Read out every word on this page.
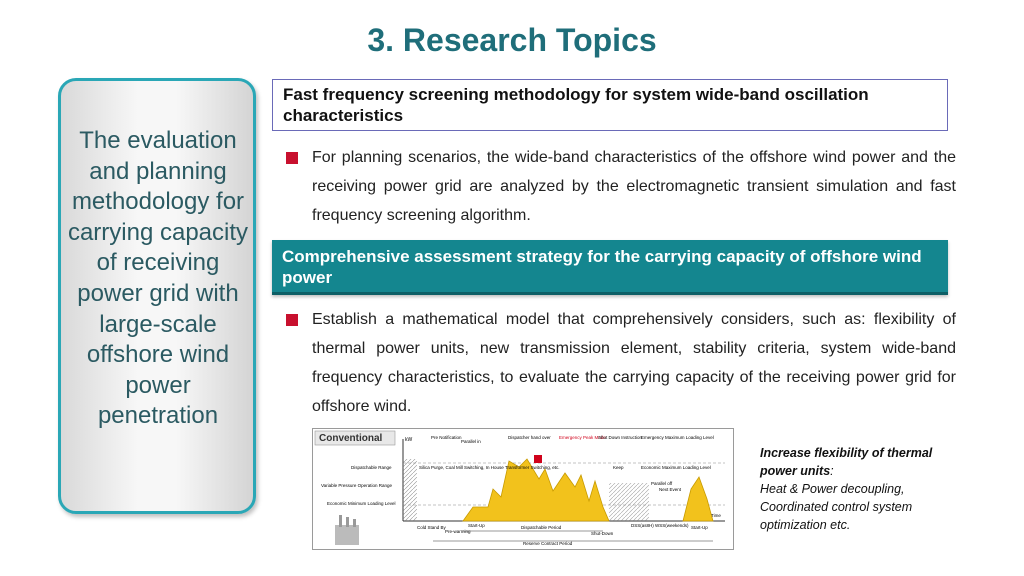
3. Research Topics
The evaluation and planning methodology for carrying capacity of receiving power grid with large-scale offshore wind power penetration
Fast frequency screening methodology for system wide-band oscillation characteristics
For planning scenarios, the wide-band characteristics of the offshore wind power and the receiving power grid are analyzed by the electromagnetic transient simulation and fast frequency screening algorithm.
Comprehensive assessment strategy for the carrying capacity of offshore wind power
Establish a mathematical model that comprehensively considers, such as: flexibility of thermal power units, new transmission element, stability criteria, system wide-band frequency characteristics, to evaluate the carrying capacity of the receiving power grid for offshore wind.
Conventional	kW	Pre Notification
Parallel in
Dispatcher hand over Emergency Peak Mode
Shut Down Instruction
Emergency Maximum Loading Level
Dispatchable Range
Variable Pressure Operation Range
Economic Minimum Loading Level
Silica Purge, Coal Mill Switching, In House Transformer Switching, etc.	Keep	Economic Maximum Loading Level
Parallel off
Next Event
Time
Cold Stand By
Pre-warming
Start-Up	Dispatchable Period
Shut-Down
DSS(as8H) WSS(weekends) Start-Up
Reserve Contract Period
Increase flexibility of thermal power units:
Heat & Power decoupling, Coordinated control system optimization etc.
